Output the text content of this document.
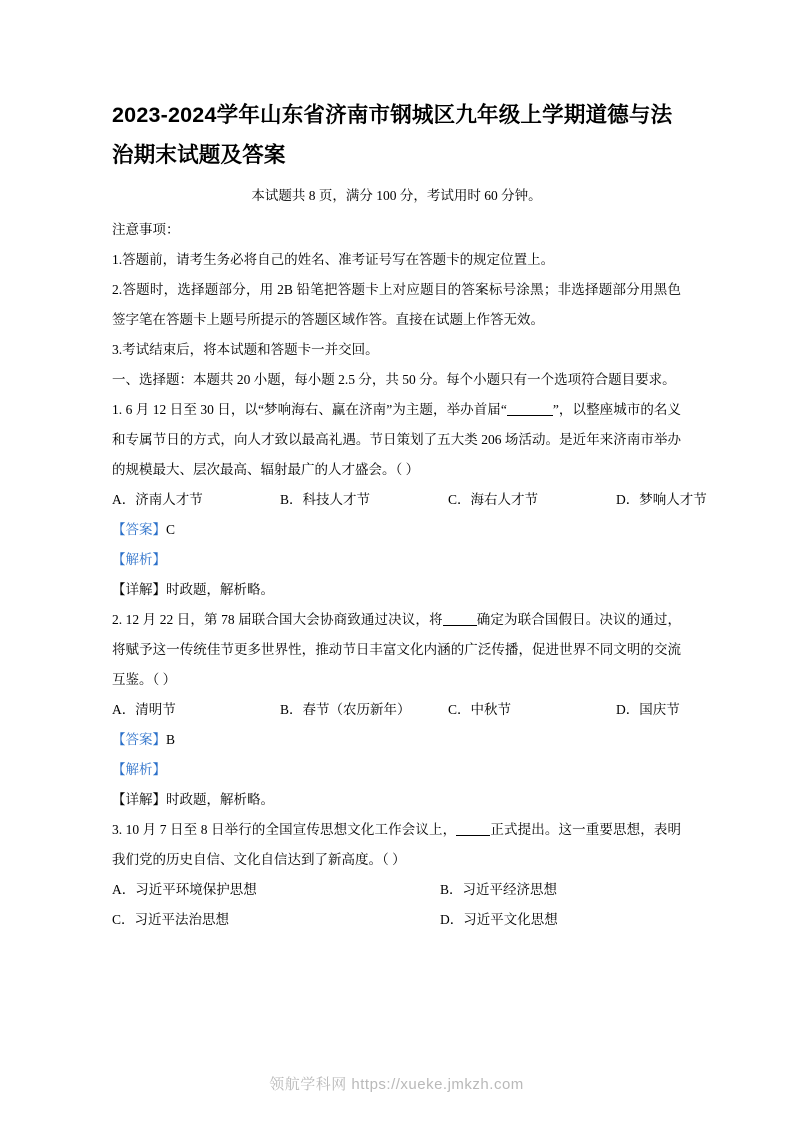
2023-2024学年山东省济南市钢城区九年级上学期道德与法治期末试题及答案
本试题共 8 页，满分 100 分，考试用时 60 分钟。

注意事项：

1.答题前，请考生务必将自己的姓名、准考证号写在答题卡的规定位置上。

2.答题时，选择题部分，用 2B 铅笔把答题卡上对应题目的答案标号涂黑；非选择题部分用黑色签字笔在答题卡上题号所提示的答题区域作答。直接在试题上作答无效。

3.考试结束后，将本试题和答题卡一并交回。

一、选择题：本题共 20 小题，每小题 2.5 分，共 50 分。每个小题只有一个选项符合题目要求。

1. 6 月 12 日至 30 日，以“梦响海右、赢在济南”为主题，举办首届“	”，以整座城市的名义和专属节日的方式，向人才致以最高礼遇。节日策划了五大类 206 场活动。是近年来济南市举办的规模最大、层次最高、辐射最广的人才盛会。（ ）

A．济南人才节	B．科技人才节	C．海右人才节	D．梦响人才节

【答案】C

【解析】

【详解】时政题，解析略。

2. 12 月 22 日，第 78 届联合国大会协商致通过决议，将	确定为联合国假日。决议的通过，将赋予这一传统佳节更多世界性，推动节日丰富文化内涵的广泛传播，促进世界不同文明的交流互鉴。（ ）

A．清明节	B．春节（农历新年）	C．中秋节	D．国庆节

【答案】B

【解析】

【详解】时政题，解析略。

3. 10 月 7 日至 8 日举行的全国宣传思想文化工作会议上，	正式提出。这一重要思想，表明我们党的历史自信、文化自信达到了新高度。（ ）

A．习近平环境保护思想	B．习近平经济思想
C．习近平法治思想	D．习近平文化思想
领航学科网 https://xueke.jmkzh.com
